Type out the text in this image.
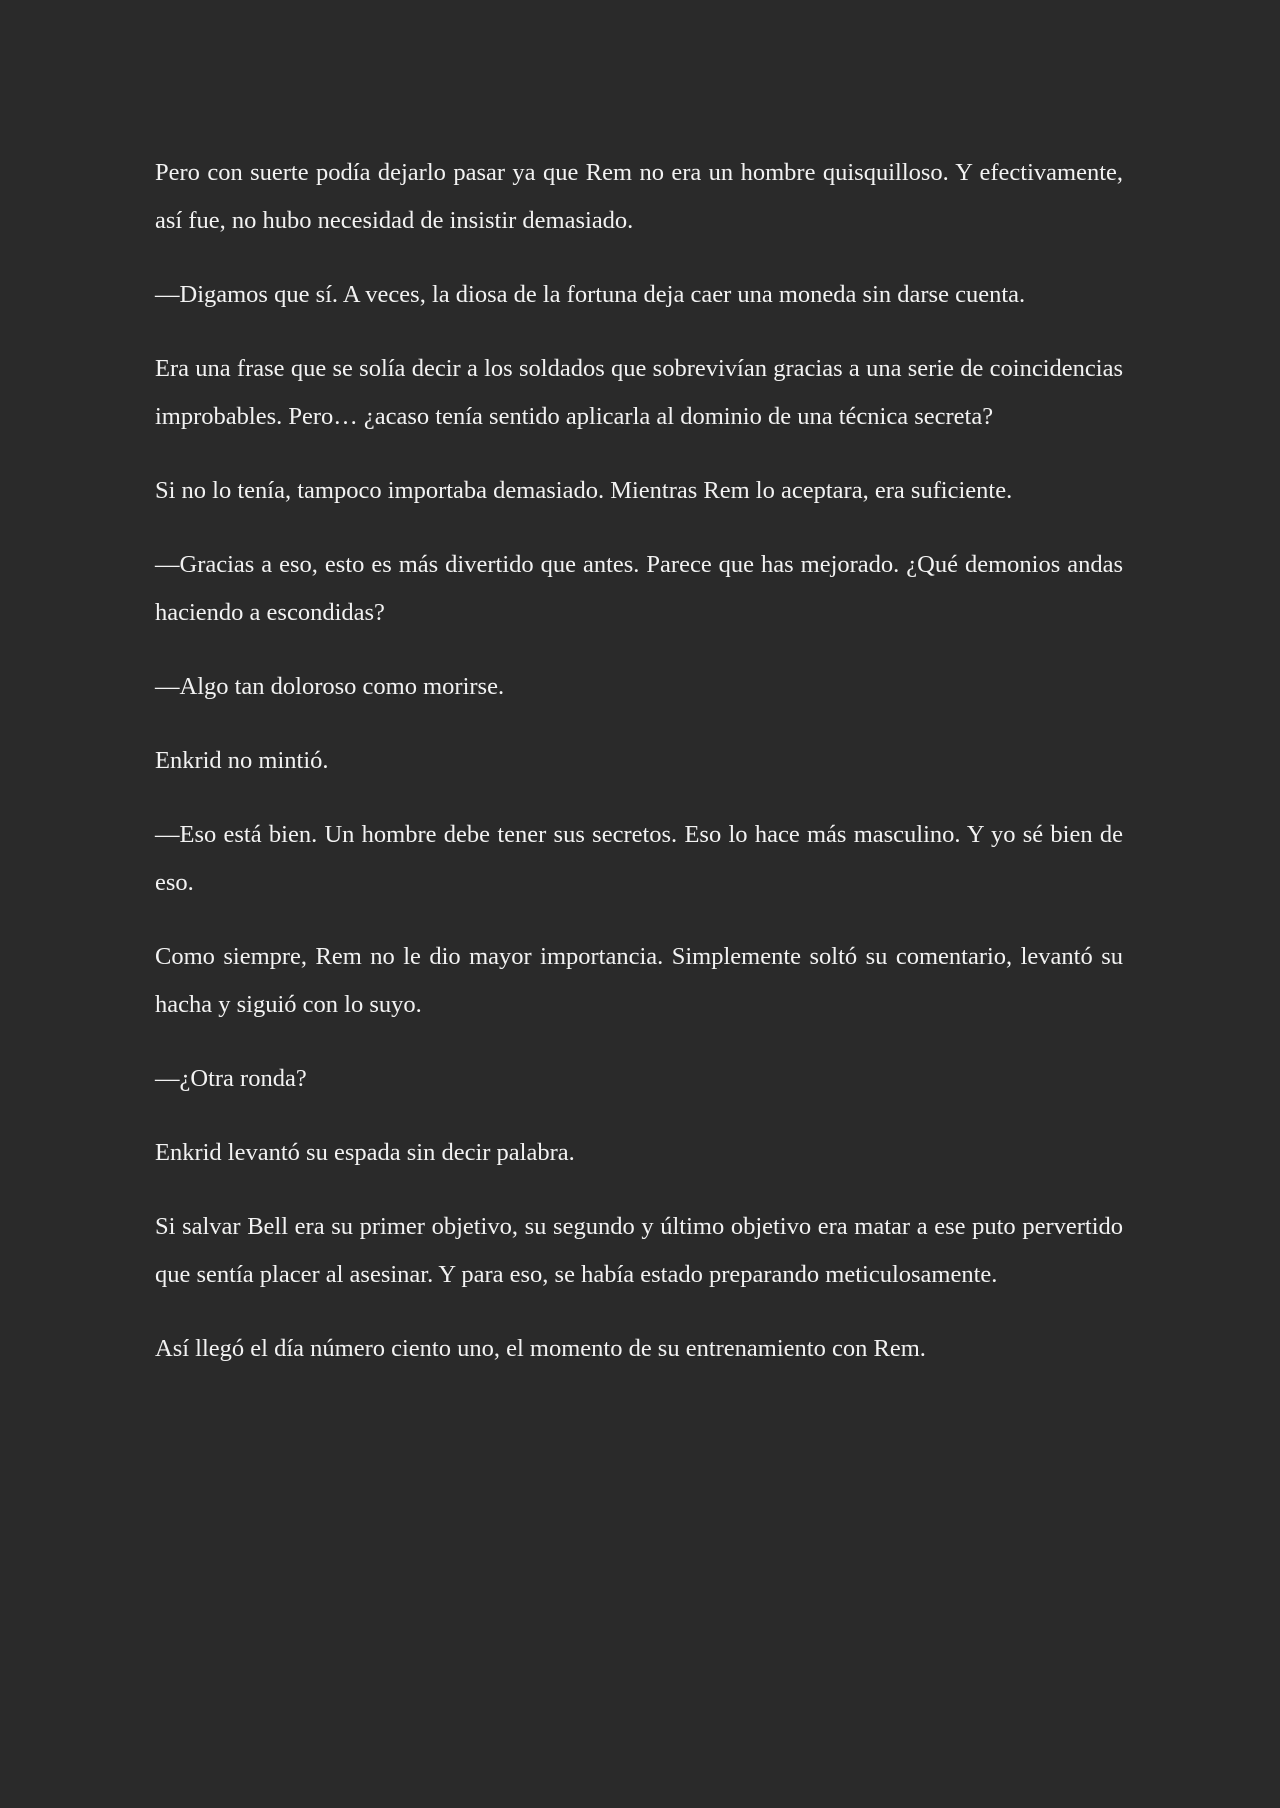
Pero con suerte podía dejarlo pasar ya que Rem no era un hombre quisquilloso. Y efectivamente, así fue, no hubo necesidad de insistir demasiado.

—Digamos que sí. A veces, la diosa de la fortuna deja caer una moneda sin darse cuenta.

Era una frase que se solía decir a los soldados que sobrevivían gracias a una serie de coincidencias improbables. Pero… ¿acaso tenía sentido aplicarla al dominio de una técnica secreta?

Si no lo tenía, tampoco importaba demasiado. Mientras Rem lo aceptara, era suficiente.

—Gracias a eso, esto es más divertido que antes. Parece que has mejorado. ¿Qué demonios andas haciendo a escondidas?

—Algo tan doloroso como morirse.

Enkrid no mintió.

—Eso está bien. Un hombre debe tener sus secretos. Eso lo hace más masculino. Y yo sé bien de eso.

Como siempre, Rem no le dio mayor importancia. Simplemente soltó su comentario, levantó su hacha y siguió con lo suyo.

—¿Otra ronda?

Enkrid levantó su espada sin decir palabra.

Si salvar Bell era su primer objetivo, su segundo y último objetivo era matar a ese puto pervertido que sentía placer al asesinar. Y para eso, se había estado preparando meticulosamente.

Así llegó el día número ciento uno, el momento de su entrenamiento con Rem.
